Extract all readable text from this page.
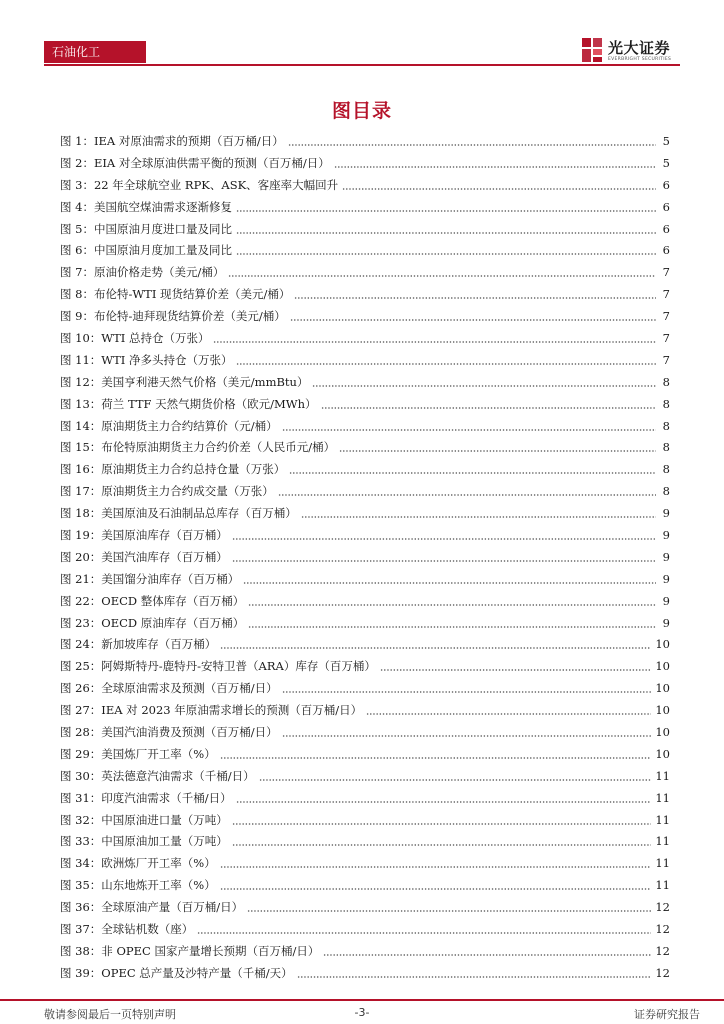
石油化工	光大证券
EVERBRIGHT SECURITIES
图目录
图 1：IEA 对原油需求的预期（百万桶/日）	5
图 2：EIA 对全球原油供需平衡的预测（百万桶/日）	5
图 3：22 年全球航空业 RPK、ASK、客座率大幅回升	6
图 4：美国航空煤油需求逐渐修复	6
图 5：中国原油月度进口量及同比	6
图 6：中国原油月度加工量及同比	6
图 7：原油价格走势（美元/桶）	7
图 8：布伦特-WTI 现货结算价差（美元/桶）	7
图 9：布伦特-迪拜现货结算价差（美元/桶）	7
图 10：WTI 总持仓（万张）	7
图 11：WTI 净多头持仓（万张）	7
图 12：美国亨利港天然气价格（美元/mmBtu）	8
图 13：荷兰 TTF 天然气期货价格（欧元/MWh）	8
图 14：原油期货主力合约结算价（元/桶）	8
图 15：布伦特原油期货主力合约价差（人民币元/桶）	8
图 16：原油期货主力合约总持仓量（万张）	8
图 17：原油期货主力合约成交量（万张）	8
图 18：美国原油及石油制品总库存（百万桶）	9
图 19：美国原油库存（百万桶）	9
图 20：美国汽油库存（百万桶）	9
图 21：美国馏分油库存（百万桶）	9
图 22：OECD 整体库存（百万桶）	9
图 23：OECD 原油库存（百万桶）	9
图 24：新加坡库存（百万桶）	10
图 25：阿姆斯特丹-鹿特丹-安特卫普（ARA）库存（百万桶）	10
图 26：全球原油需求及预测（百万桶/日）	10
图 27：IEA 对 2023 年原油需求增长的预测（百万桶/日）	10
图 28：美国汽油消费及预测（百万桶/日）	10
图 29：美国炼厂开工率（%）	10
图 30：英法德意汽油需求（千桶/日）	11
图 31：印度汽油需求（千桶/日）	11
图 32：中国原油进口量（万吨）	11
图 33：中国原油加工量（万吨）	11
图 34：欧洲炼厂开工率（%）	11
图 35：山东地炼开工率（%）	11
图 36：全球原油产量（百万桶/日）	12
图 37：全球钻机数（座）	12
图 38：非 OPEC 国家产量增长预期（百万桶/日）	12
图 39：OPEC 总产量及沙特产量（千桶/天）	12
敬请参阅最后一页特别声明	-3-	证券研究报告
